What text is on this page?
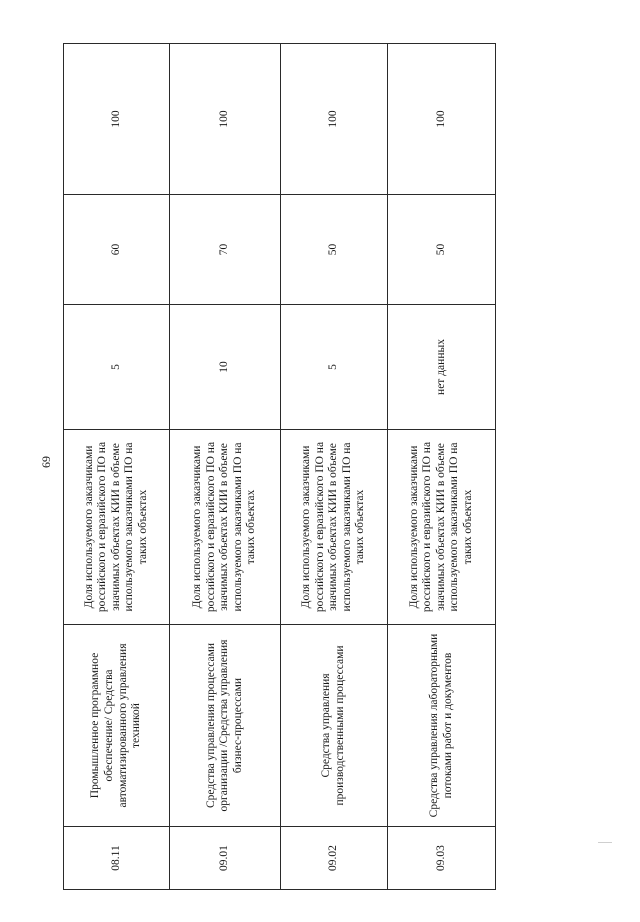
69
08.11	Промышленное программное обеспечение/ Средства автоматизированного управления техникой	Доля используемого заказчиками российского и евразийского ПО на значимых объектах КИИ в объеме используемого заказчиками ПО на таких объектах	5	60	100
09.01	Средства управления процессами организации /Средства управления бизнес-процессами	Доля используемого заказчиками российского и евразийского ПО на значимых объектах КИИ в объеме используемого заказчиками ПО на таких объектах	10	70	100
09.02	Средства управления производственными процессами	Доля используемого заказчиками российского и евразийского ПО на значимых объектах КИИ в объеме используемого заказчиками ПО на таких объектах	5	50	100
09.03	Средства управления лабораторными потоками работ и документов	Доля используемого заказчиками российского и евразийского ПО на значимых объектах КИИ в объеме используемого заказчиками ПО на таких объектах	нет данных	50	100
